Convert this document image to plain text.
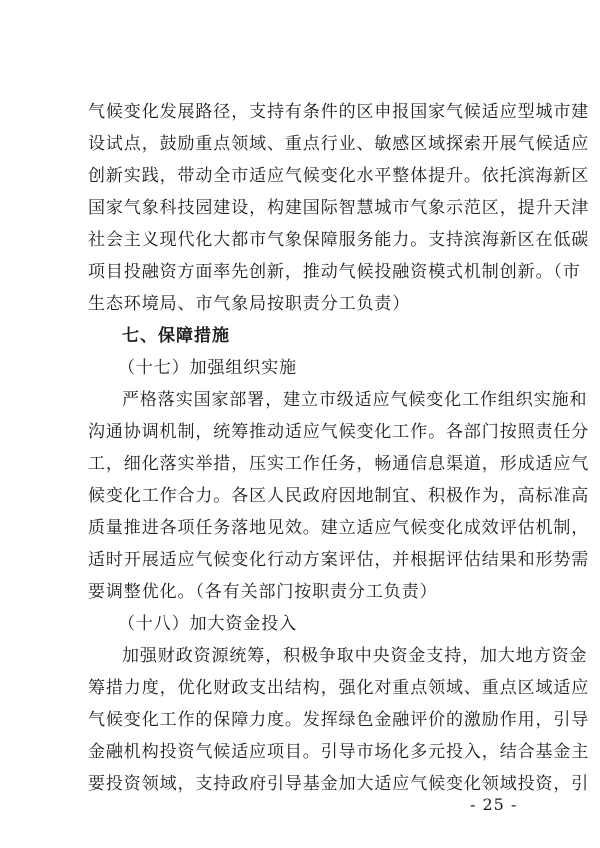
气候变化发展路径，支持有条件的区申报国家气候适应型城市建
设试点，鼓励重点领域、重点行业、敏感区域探索开展气候适应
创新实践，带动全市适应气候变化水平整体提升。依托滨海新区
国家气象科技园建设，构建国际智慧城市气象示范区，提升天津
社会主义现代化大都市气象保障服务能力。支持滨海新区在低碳
项目投融资方面率先创新，推动气候投融资模式机制创新。（市
生态环境局、市气象局按职责分工负责）
七、保障措施
（十七）加强组织实施
严格落实国家部署，建立市级适应气候变化工作组织实施和
沟通协调机制，统筹推动适应气候变化工作。各部门按照责任分
工，细化落实举措，压实工作任务，畅通信息渠道，形成适应气
候变化工作合力。各区人民政府因地制宜、积极作为，高标准高
质量推进各项任务落地见效。建立适应气候变化成效评估机制，
适时开展适应气候变化行动方案评估，并根据评估结果和形势需
要调整优化。（各有关部门按职责分工负责）
（十八）加大资金投入
加强财政资源统筹，积极争取中央资金支持，加大地方资金
筹措力度，优化财政支出结构，强化对重点领域、重点区域适应
气候变化工作的保障力度。发挥绿色金融评价的激励作用，引导
金融机构投资气候适应项目。引导市场化多元投入，结合基金主
要投资领域，支持政府引导基金加大适应气候变化领域投资，引
- 25 -
